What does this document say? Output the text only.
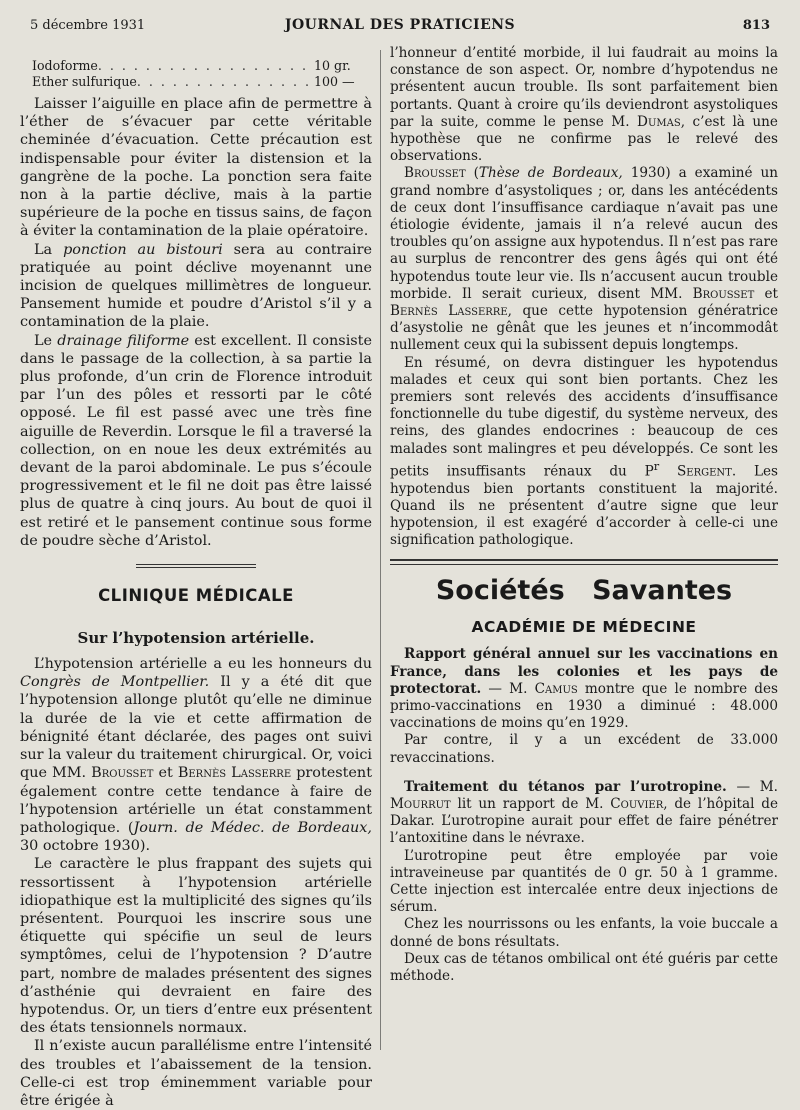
5 décembre 1931	JOURNAL DES PRATICIENS	813
Iodoforme . . .	10 gr.
Ether sulfurique . . .	100 —

Laisser l’aiguille en place afin de permettre à l’éther de s’évacuer par cette véritable cheminée d’évacuation. Cette précaution est indispensable pour éviter la distension et la gangrène de la poche. La ponction sera faite non à la partie déclive, mais à la partie supérieure de la poche en tissus sains, de façon à éviter la contamination de la plaie opératoire.

La ponction au bistouri sera au contraire pratiquée au point déclive moyenannt une incision de quelques millimètres de longueur. Pansement humide et poudre d’Aristol s’il y a contamination de la plaie.

Le drainage filiforme est excellent. Il consiste dans le passage de la collection, à sa partie la plus profonde, d’un crin de Florence introduit par l’un des pôles et ressorti par le côté opposé. Le fil est passé avec une très fine aiguille de Reverdin. Lorsque le fil a traversé la collection, on en noue les deux extrémités au devant de la paroi abdominale. Le pus s’écoule progressivement et le fil ne doit pas être laissé plus de quatre à cinq jours. Au bout de quoi il est retiré et le pansement continue sous forme de poudre sèche d’Aristol.

CLINIQUE MÉDICALE
Sur l’hypotension artérielle.

L’hypotension artérielle a eu les honneurs du Congrès de Montpellier. Il y a été dit que l’hypotension allonge plutôt qu’elle ne diminue la durée de la vie et cette affirmation de bénignité étant déclarée, des pages ont suivi sur la valeur du traitement chirurgical. Or, voici que MM. Brousset et Bernès Lasserre protestent également contre cette tendance à faire de l’hypotension artérielle un état constamment pathologique. (Journ. de Médec. de Bordeaux, 30 octobre 1930).

Le caractère le plus frappant des sujets qui ressortissent à l’hypotension artérielle idiopathique est la multiplicité des signes qu’ils présentent. Pourquoi les inscrire sous une étiquette qui spécifie un seul de leurs symptômes, celui de l’hypotension ? D’autre part, nombre de malades présentent des signes d’asthénie qui devraient en faire des hypotendus. Or, un tiers d’entre eux présentent des états tensionnels normaux.

Il n’existe aucun parallélisme entre l’intensité des troubles et l’abaissement de la tension. Celle-ci est trop éminemment variable pour être érigée à

l’honneur d’entité morbide, il lui faudrait au moins la constance de son aspect. Or, nombre d’hypotendus ne présentent aucun trouble. Ils sont parfaitement bien portants. Quant à croire qu’ils deviendront asystoliques par la suite, comme le pense M. Dumas, c’est là une hypothèse que ne confirme pas le relevé des observations.

Brousset (Thèse de Bordeaux, 1930) a examiné un grand nombre d’asystoliques ; or, dans les antécédents de ceux dont l’insuffisance cardiaque n’avait pas une étiologie évidente, jamais il n’a relevé aucun des troubles qu’on assigne aux hypotendus. Il n’est pas rare au surplus de rencontrer des gens âgés qui ont été hypotendus toute leur vie. Ils n’accusent aucun trouble morbide. Il serait curieux, disent MM. Brousset et Bernès Lasserre, que cette hypotension génératrice d’asystolie ne gênât que les jeunes et n’incommodât nullement ceux qui la subissent depuis longtemps.

En résumé, on devra distinguer les hypotendus malades et ceux qui sont bien portants. Chez les premiers sont relevés des accidents d’insuffisance fonctionnelle du tube digestif, du système nerveux, des reins, des glandes endocrines : beaucoup de ces malades sont malingres et peu développés. Ce sont les petits insuffisants rénaux du $P^r$ Sergent. Les hypotendus bien portants constituent la majorité. Quand ils ne présentent d’autre signe que leur hypotension, il est exagéré d’accorder à celle-ci une signification pathologique.

Sociétés Savantes
ACADÉMIE DE MÉDECINE

Rapport général annuel sur les vaccinations en France, dans les colonies et les pays de protectorat. — M. Camus montre que le nombre des primo-vaccinations en 1930 a diminué : 48.000 vaccinations de moins qu’en 1929.

Par contre, il y a un excédent de 33.000 revaccinations.

Traitement du tétanos par l’urotropine. — M. Mourrut lit un rapport de M. Couvier, de l’hôpital de Dakar. L’urotropine aurait pour effet de faire pénétrer l’antoxitine dans le névraxe.

L’urotropine peut être employée par voie intraveineuse par quantités de 0 gr. 50 à 1 gramme. Cette injection est intercalée entre deux injections de sérum.

Chez les nourrissons ou les enfants, la voie buccale a donné de bons résultats.

Deux cas de tétanos ombilical ont été guéris par cette méthode.
